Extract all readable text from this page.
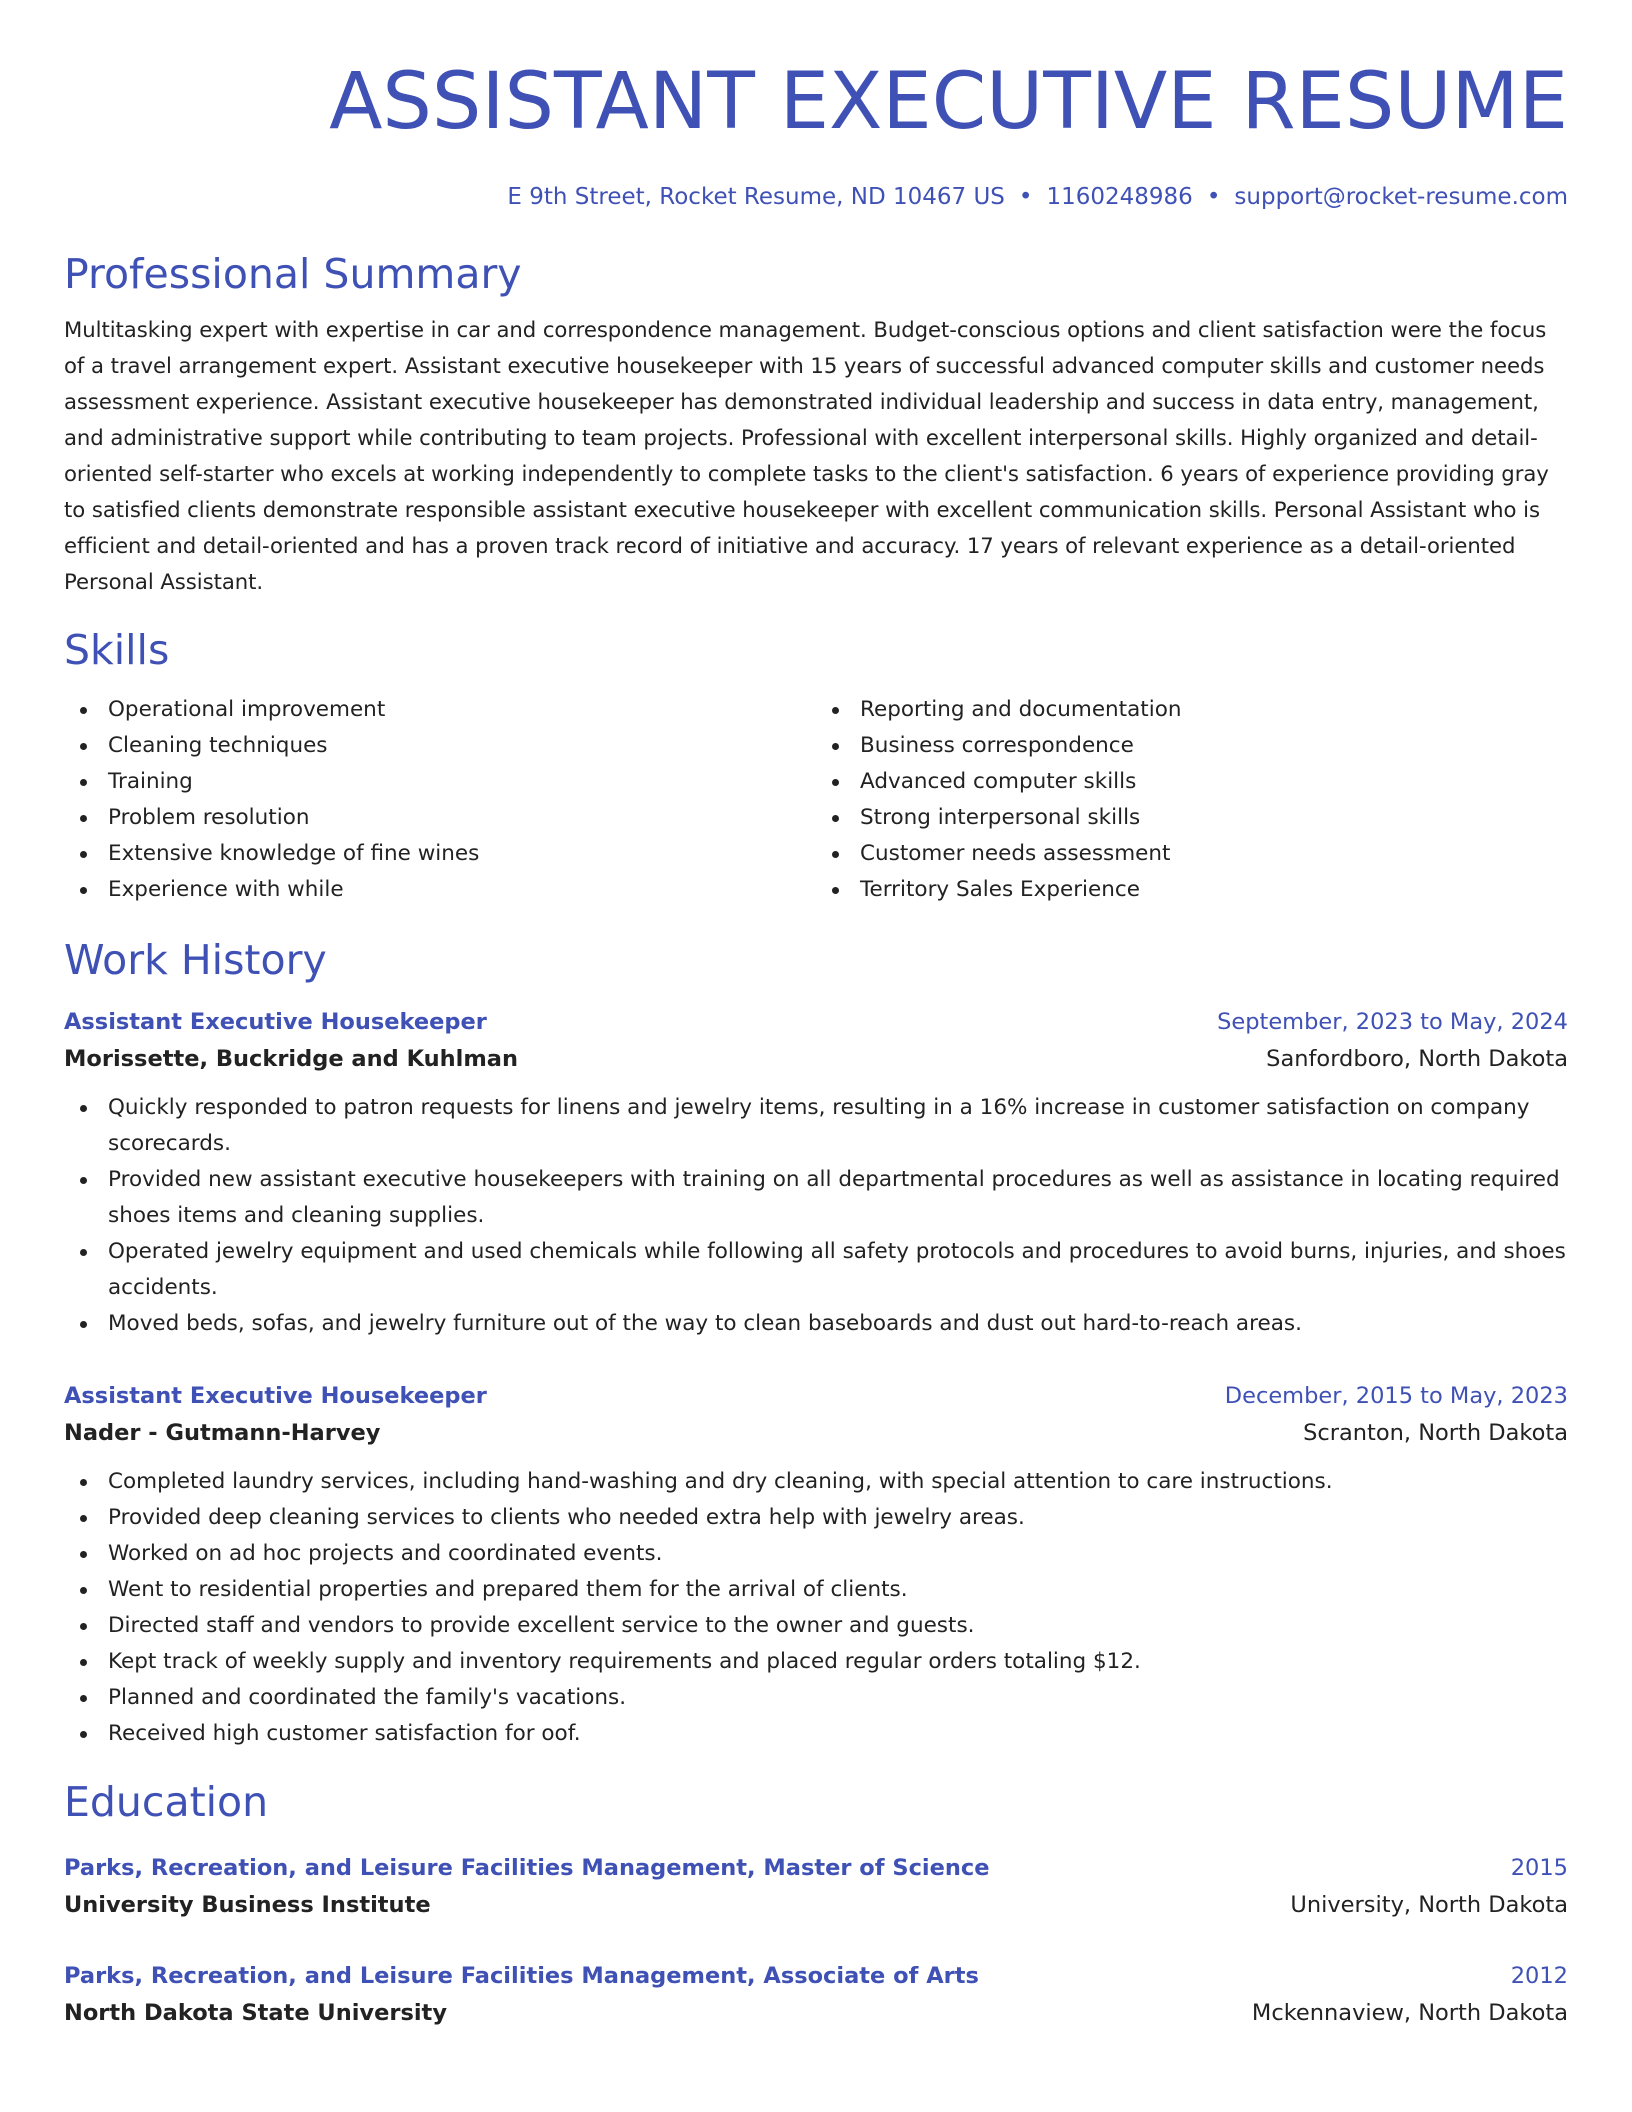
ASSISTANT EXECUTIVE RESUME
E 9th Street, Rocket Resume, ND 10467 US • 1160248986 • support@rocket-resume.com
Professional Summary

Multitasking expert with expertise in car and correspondence management. Budget-conscious options and client satisfaction were the focus of a travel arrangement expert. Assistant executive housekeeper with 15 years of successful advanced computer skills and customer needs assessment experience. Assistant executive housekeeper has demonstrated individual leadership and success in data entry, management, and administrative support while contributing to team projects. Professional with excellent interpersonal skills. Highly organized and detail-oriented self-starter who excels at working independently to complete tasks to the client's satisfaction. 6 years of experience providing gray to satisfied clients demonstrate responsible assistant executive housekeeper with excellent communication skills. Personal Assistant who is efficient and detail-oriented and has a proven track record of initiative and accuracy. 17 years of relevant experience as a detail-oriented Personal Assistant.

Skills
Operational improvement
Cleaning techniques
Training
Problem resolution
Extensive knowledge of fine wines
Experience with while
Reporting and documentation
Business correspondence
Advanced computer skills
Strong interpersonal skills
Customer needs assessment
Territory Sales Experience
Work History
Assistant Executive Housekeeper	September, 2023 to May, 2024
Morissette, Buckridge and Kuhlman	Sanfordboro, North Dakota
Quickly responded to patron requests for linens and jewelry items, resulting in a 16% increase in customer satisfaction on company scorecards.
Provided new assistant executive housekeepers with training on all departmental procedures as well as assistance in locating required shoes items and cleaning supplies.
Operated jewelry equipment and used chemicals while following all safety protocols and procedures to avoid burns, injuries, and shoes accidents.
Moved beds, sofas, and jewelry furniture out of the way to clean baseboards and dust out hard-to-reach areas.
Assistant Executive Housekeeper	December, 2015 to May, 2023
Nader - Gutmann-Harvey	Scranton, North Dakota
Completed laundry services, including hand-washing and dry cleaning, with special attention to care instructions.
Provided deep cleaning services to clients who needed extra help with jewelry areas.
Worked on ad hoc projects and coordinated events.
Went to residential properties and prepared them for the arrival of clients.
Directed staff and vendors to provide excellent service to the owner and guests.
Kept track of weekly supply and inventory requirements and placed regular orders totaling $12.
Planned and coordinated the family's vacations.
Received high customer satisfaction for oof.
Education
Parks, Recreation, and Leisure Facilities Management, Master of Science	2015
University Business Institute	University, North Dakota
Parks, Recreation, and Leisure Facilities Management, Associate of Arts	2012
North Dakota State University	Mckennaview, North Dakota
